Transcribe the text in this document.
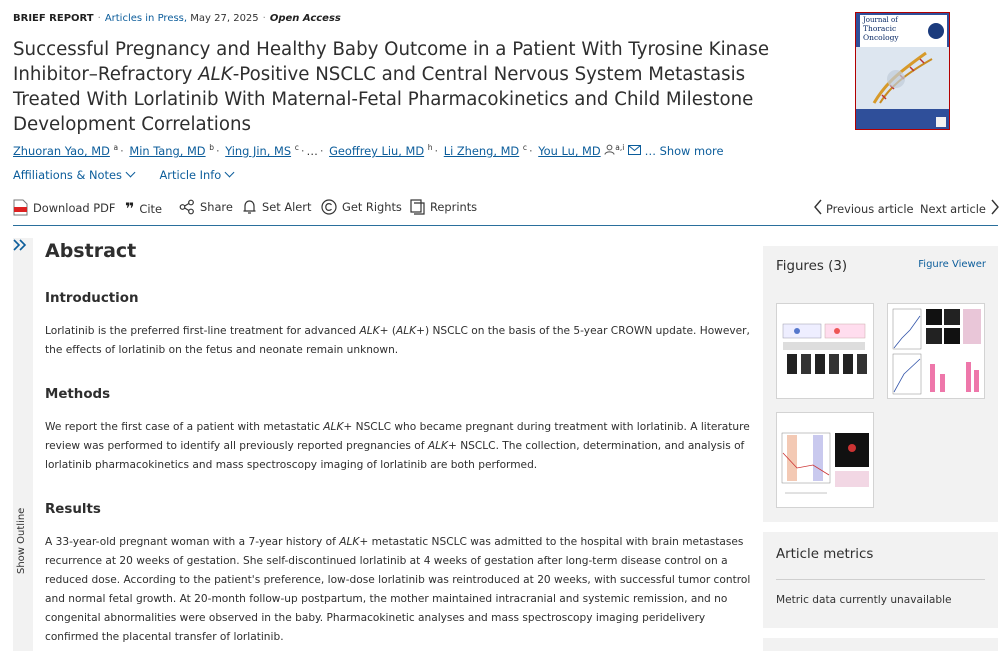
BRIEF REPORT · Articles in Press, May 27, 2025 · Open Access
Successful Pregnancy and Healthy Baby Outcome in a Patient With Tyrosine Kinase Inhibitor–Refractory ALK-Positive NSCLC and Central Nervous System Metastasis Treated With Lorlatinib With Maternal-Fetal Pharmacokinetics and Child Milestone Development Correlations
Zhuoran Yao, MD $^a$ · Min Tang, MD $^b$ · Ying Jin, MS $^c$ · … · Geoffrey Liu, MD $^h$ · Li Zheng, MD $^c$ · You Lu, MD $^{a,i}$ … Show more
Affiliations & Notes	Article Info
Download PDF ❞ Cite	Share	Set Alert	Get Rights Reprints	Previous article Next article
Show Outline
Abstract
Introduction

Lorlatinib is the preferred first-line treatment for advanced ALK+ (ALK+) NSCLC on the basis of the 5-year CROWN update. However, the effects of lorlatinib on the fetus and neonate remain unknown.

Methods

We report the first case of a patient with metastatic ALK+ NSCLC who became pregnant during treatment with lorlatinib. A literature review was performed to identify all previously reported pregnancies of ALK+ NSCLC. The collection, determination, and analysis of lorlatinib pharmacokinetics and mass spectroscopy imaging of lorlatinib are both performed.

Results

A 33-year-old pregnant woman with a 7-year history of ALK+ metastatic NSCLC was admitted to the hospital with brain metastases recurrence at 20 weeks of gestation. She self-discontinued lorlatinib at 4 weeks of gestation after long-term disease control on a reduced dose. According to the patient's preference, low-dose lorlatinib was reintroduced at 20 weeks, with successful tumor control and normal fetal growth. At 20-month follow-up postpartum, the mother maintained intracranial and systemic remission, and no congenital abnormalities were observed in the baby. Pharmacokinetic analyses and mass spectroscopy imaging peridelivery confirmed the placental transfer of lorlatinib.

Figures (3)	Figure Viewer
Article metrics
Metric data currently unavailable
Journal of
Thoracic
Oncology
